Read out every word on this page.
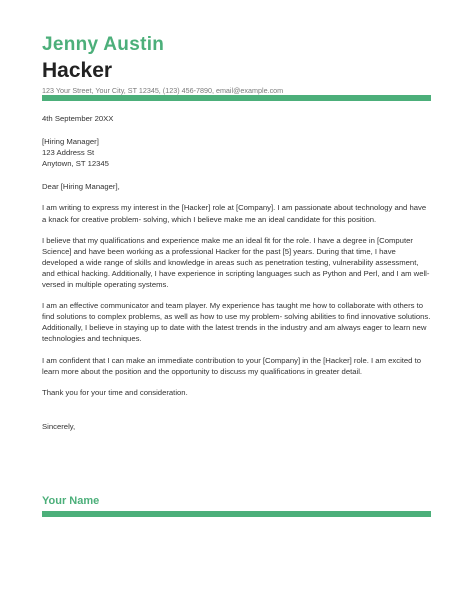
Jenny Austin
Hacker
123 Your Street, Your City, ST 12345, (123) 456-7890, email@example.com

4th September 20XX

[Hiring Manager]

123 Address St

Anytown, ST 12345

Dear [Hiring Manager],

I am writing to express my interest in the [Hacker] role at [Company]. I am passionate about technology and have a knack for creative problem- solving, which I believe make me an ideal candidate for this position.

I believe that my qualifications and experience make me an ideal fit for the role. I have a degree in [Computer Science] and have been working as a professional Hacker for the past [5] years. During that time, I have developed a wide range of skills and knowledge in areas such as penetration testing, vulnerability assessment, and ethical hacking. Additionally, I have experience in scripting languages such as Python and Perl, and I am well- versed in multiple operating systems.

I am an effective communicator and team player. My experience has taught me how to collaborate with others to find solutions to complex problems, as well as how to use my problem- solving abilities to find innovative solutions. Additionally, I believe in staying up to date with the latest trends in the industry and am always eager to learn new technologies and techniques.

I am confident that I can make an immediate contribution to your [Company] in the [Hacker] role. I am excited to learn more about the position and the opportunity to discuss my qualifications in greater detail.

Thank you for your time and consideration.

Sincerely,

Your Name
